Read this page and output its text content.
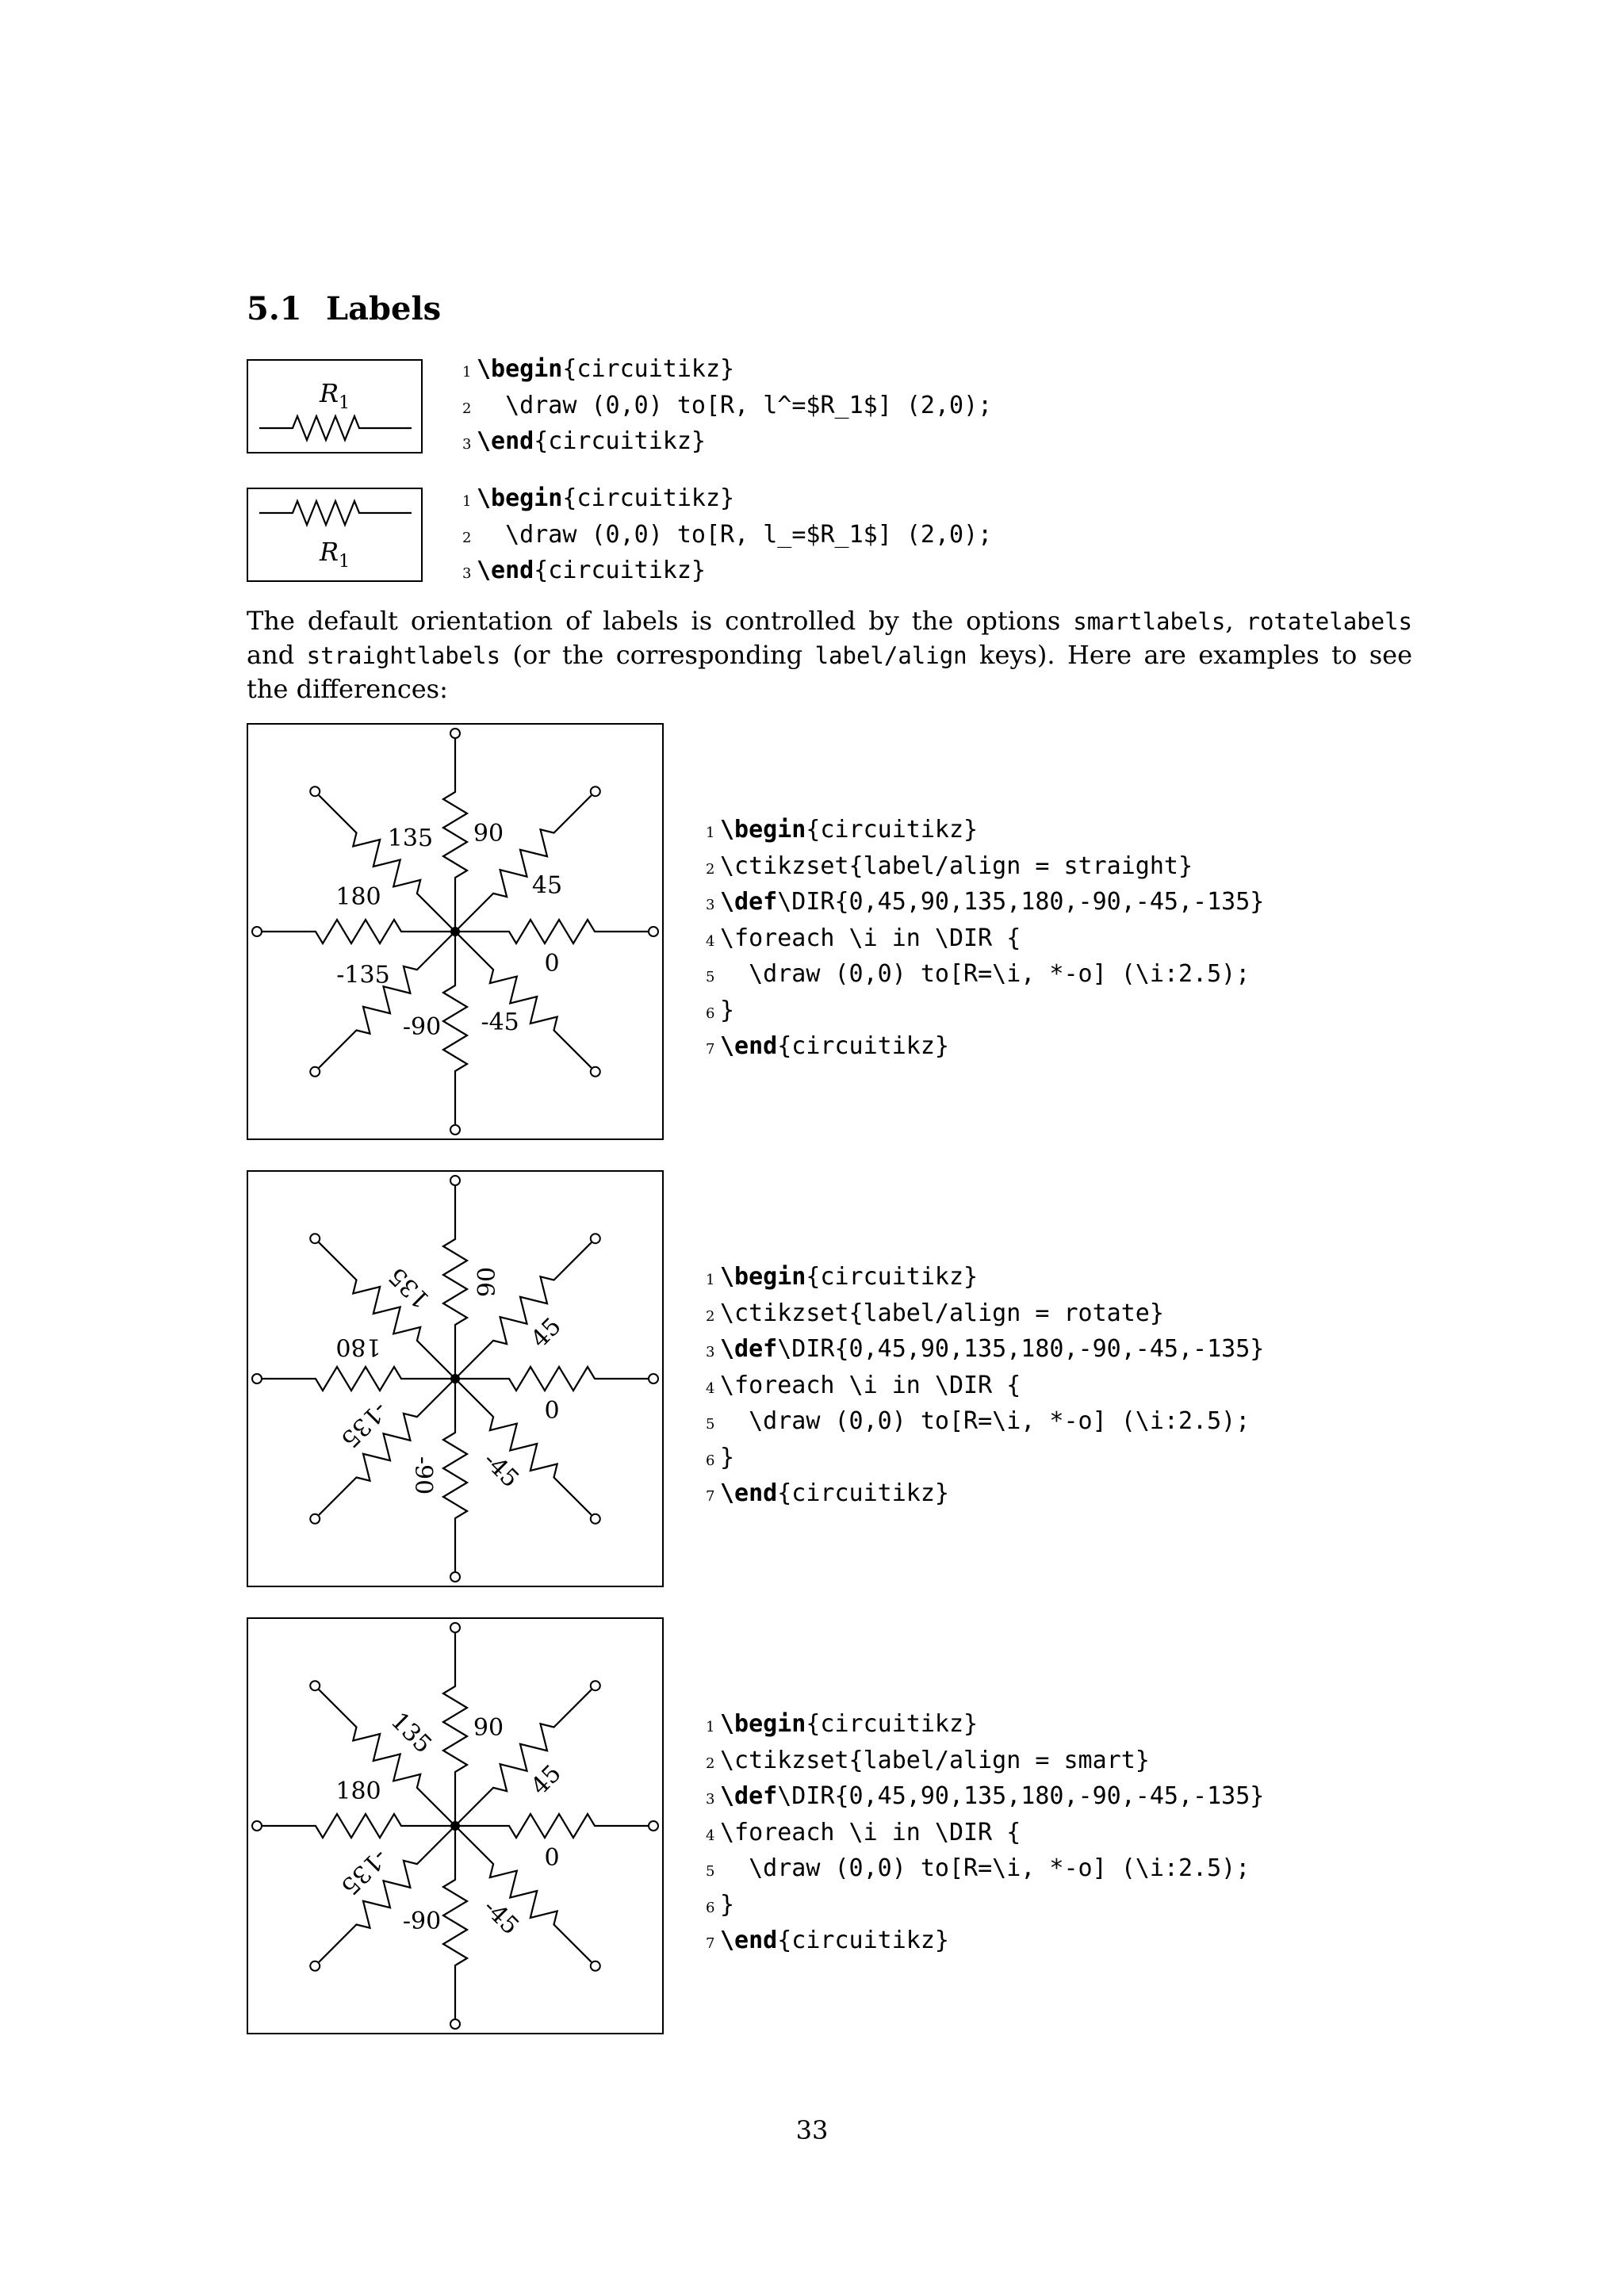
5.1 Labels
$R_1$
1 \begin{circuitikz}
2  \draw (0,0) to[R, l^=$R_1$] (2,0);
3 \end{circuitikz}
$R_1$
1 \begin{circuitikz}
2  \draw (0,0) to[R, l_=$R_1$] (2,0);
3 \end{circuitikz}

The default orientation of labels is controlled by the options smartlabels, rotatelabels and straightlabels (or the corresponding label/align keys). Here are examples to see the differences:

0
45
90
135
180
-90 -45
-135
1 \begin{circuitikz}
2 \ctikzset{label/align = straight}
3 \def\DIR{0,45,90,135,180,-90,-45,-135}
4 \foreach \i in \DIR {
5  \draw (0,0) to[R=\i, *-o] (\i:2.5);
6 }
7 \end{circuitikz}
0
45
90
135
180
-90 -45
-135
1 \begin{circuitikz}
2 \ctikzset{label/align = rotate}
3 \def\DIR{0,45,90,135,180,-90,-45,-135}
4 \foreach \i in \DIR {
5  \draw (0,0) to[R=\i, *-o] (\i:2.5);
6 }
7 \end{circuitikz}
0
45
90
135
180
-90 -45
-135
1 \begin{circuitikz}
2 \ctikzset{label/align = smart}
3 \def\DIR{0,45,90,135,180,-90,-45,-135}
4 \foreach \i in \DIR {
5  \draw (0,0) to[R=\i, *-o] (\i:2.5);
6 }
7 \end{circuitikz}
33
